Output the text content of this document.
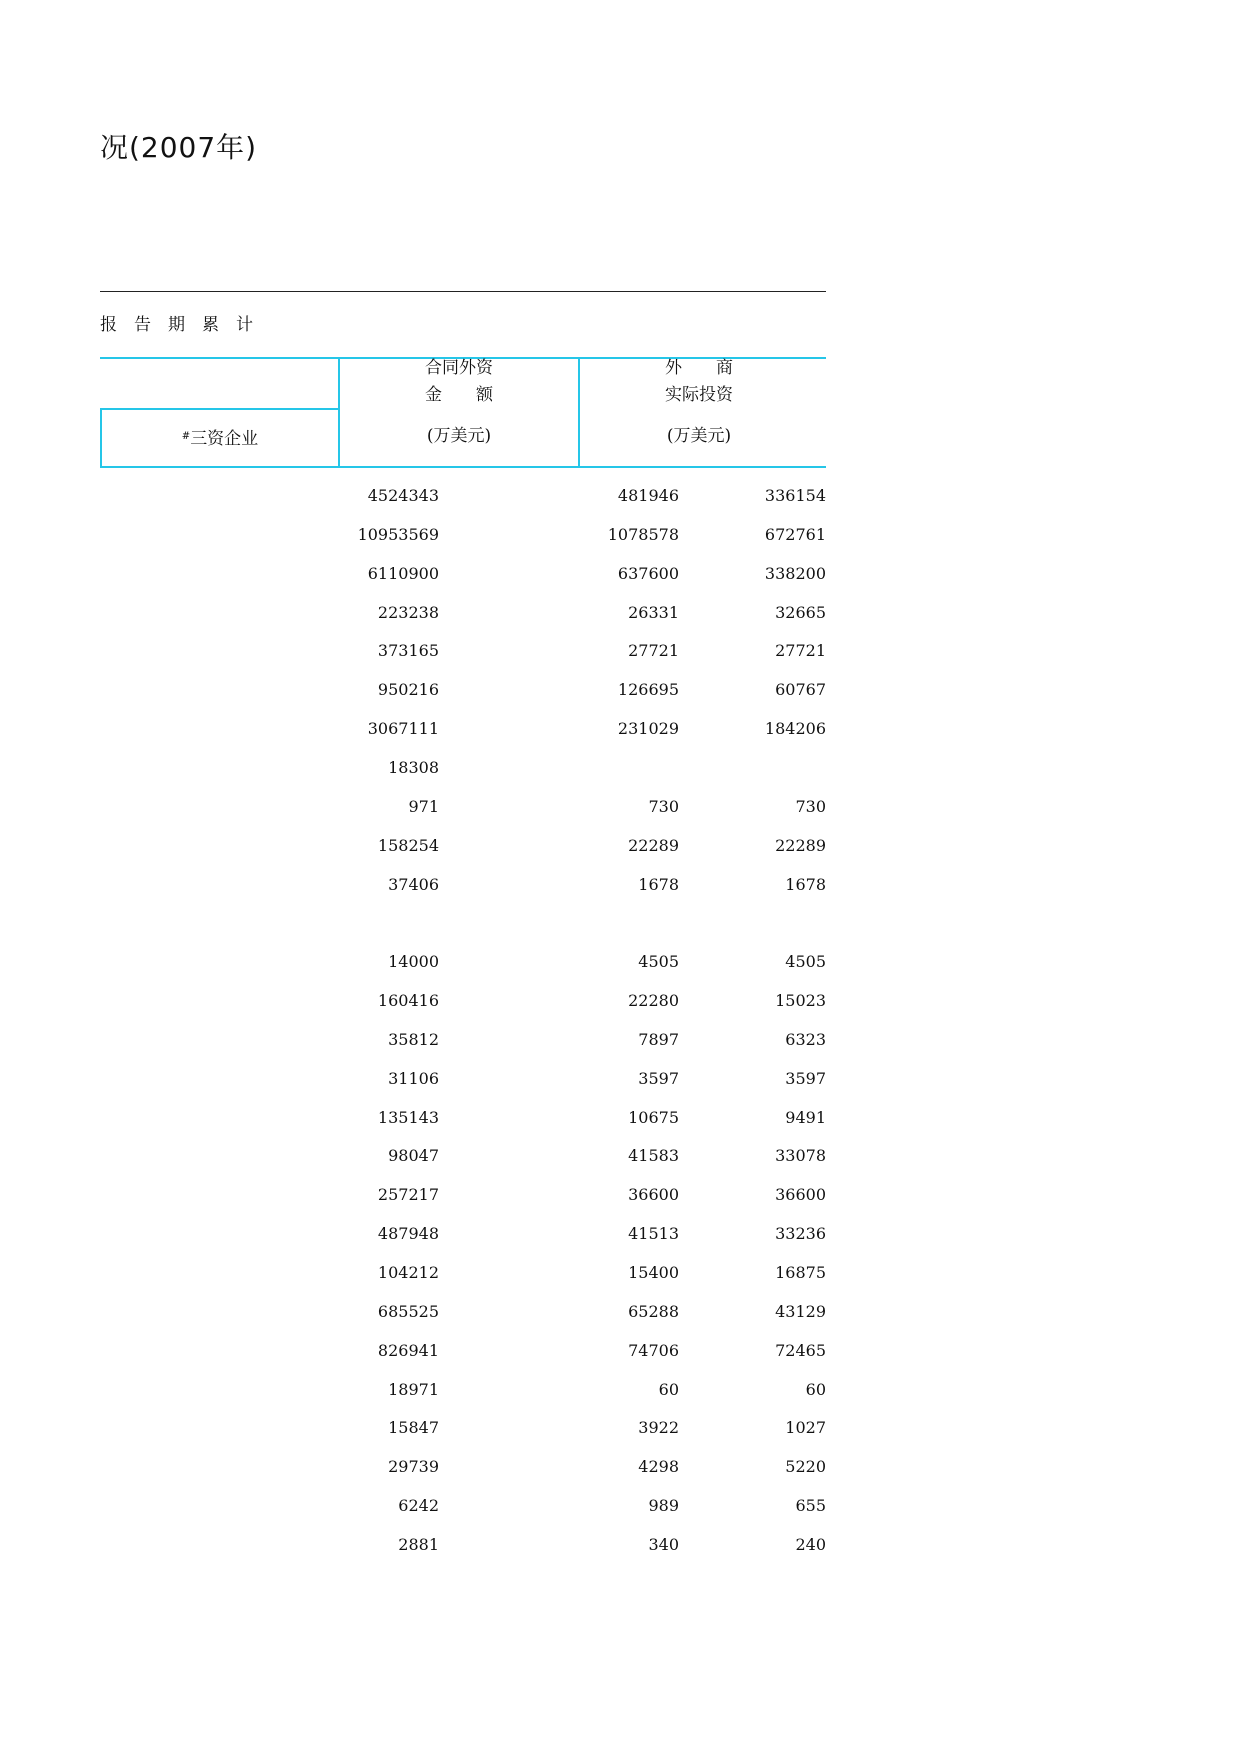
况(2007年)
报告期累计
#三资企业
合同外资
金　　额
(万美元)
外　　商
实际投资
(万美元)
4524343	481946	336154
10953569	1078578	672761
6110900	637600	338200
223238	26331	32665
373165	27721	27721
950216	126695	60767
3067111	231029	184206
18308
971	730	730
158254	22289	22289
37406	1678	1678
14000	4505	4505
160416	22280	15023
35812	7897	6323
31106	3597	3597
135143	10675	9491
98047	41583	33078
257217	36600	36600
487948	41513	33236
104212	15400	16875
685525	65288	43129
826941	74706	72465
18971	60	60
15847	3922	1027
29739	4298	5220
6242	989	655
2881	340	240
